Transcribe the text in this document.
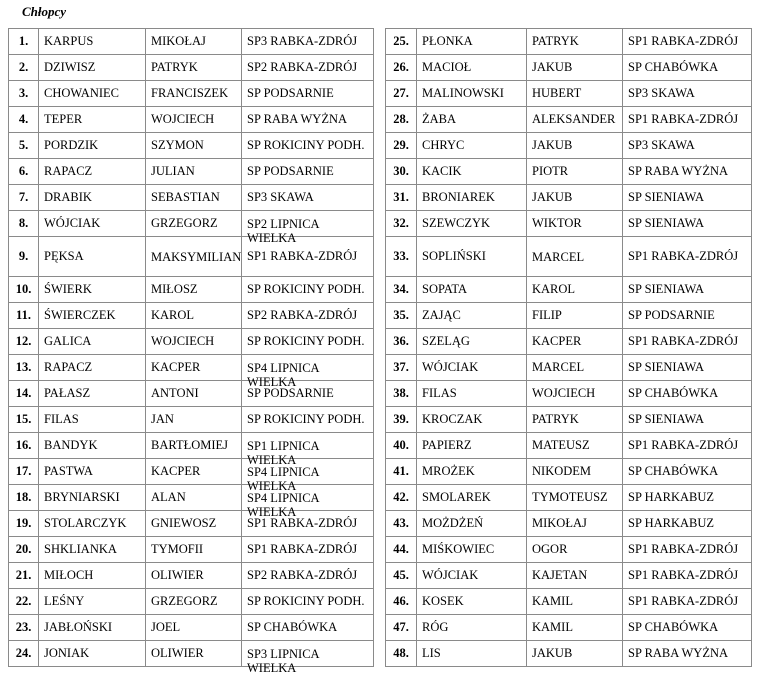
Chłopcy
1.	KARPUS	MIKOŁAJ	SP3 RABKA-ZDRÓJ
2.	DZIWISZ	PATRYK	SP2 RABKA-ZDRÓJ
3.	CHOWANIEC	FRANCISZEK	SP PODSARNIE
4.	TEPER	WOJCIECH	SP RABA WYŻNA
5.	PORDZIK	SZYMON	SP ROKICINY PODH.
6.	RAPACZ	JULIAN	SP PODSARNIE
7.	DRABIK	SEBASTIAN	SP3 SKAWA
8.	WÓJCIAK	GRZEGORZ	SP2 LIPNICA WIELKA

9.	PĘKSA	MAKSYMILIAN	SP1 RABKA-ZDRÓJ
10.	ŚWIERK	MIŁOSZ	SP ROKICINY PODH.
11.	ŚWIERCZEK	KAROL	SP2 RABKA-ZDRÓJ
12.	GALICA	WOJCIECH	SP ROKICINY PODH.
13.	RAPACZ	KACPER	SP4 LIPNICA WIELKA

14.	PAŁASZ	ANTONI	SP PODSARNIE
15.	FILAS	JAN	SP ROKICINY PODH.
16.	BANDYK	BARTŁOMIEJ	SP1 LIPNICA WIELKA

17.	PASTWA	KACPER	SP4 LIPNICA WIELKA

18.	BRYNIARSKI	ALAN	SP4 LIPNICA WIELKA

19.	STOLARCZYK	GNIEWOSZ	SP1 RABKA-ZDRÓJ
20.	SHKLIANKA	TYMOFII	SP1 RABKA-ZDRÓJ
21.	MIŁOCH	OLIWIER	SP2 RABKA-ZDRÓJ
22.	LEŚNY	GRZEGORZ	SP ROKICINY PODH.
23.	JABŁOŃSKI	JOEL	SP CHABÓWKA
24.	JONIAK	OLIWIER	SP3 LIPNICA WIELKA
25.	PŁONKA	PATRYK	SP1 RABKA-ZDRÓJ
26.	MACIOŁ	JAKUB	SP CHABÓWKA
27.	MALINOWSKI	HUBERT	SP3 SKAWA
28.	ŻABA	ALEKSANDER	SP1 RABKA-ZDRÓJ
29.	CHRYC	JAKUB	SP3 SKAWA
30.	KACIK	PIOTR	SP RABA WYŻNA
31.	BRONIAREK	JAKUB	SP SIENIAWA
32.	SZEWCZYK	WIKTOR	SP SIENIAWA
33.	SOPLIŃSKI	MARCEL	SP1 RABKA-ZDRÓJ
34.	SOPATA	KAROL	SP SIENIAWA
35.	ZAJĄC	FILIP	SP PODSARNIE
36.	SZELĄG	KACPER	SP1 RABKA-ZDRÓJ
37.	WÓJCIAK	MARCEL	SP SIENIAWA
38.	FILAS	WOJCIECH	SP CHABÓWKA
39.	KROCZAK	PATRYK	SP SIENIAWA
40.	PAPIERZ	MATEUSZ	SP1 RABKA-ZDRÓJ
41.	MROŻEK	NIKODEM	SP CHABÓWKA
42.	SMOLAREK	TYMOTEUSZ	SP HARKABUZ
43.	MOŻDŻEŃ	MIKOŁAJ	SP HARKABUZ
44.	MIŚKOWIEC	OGOR	SP1 RABKA-ZDRÓJ
45.	WÓJCIAK	KAJETAN	SP1 RABKA-ZDRÓJ
46.	KOSEK	KAMIL	SP1 RABKA-ZDRÓJ
47.	RÓG	KAMIL	SP CHABÓWKA
48.	LIS	JAKUB	SP RABA WYŻNA
